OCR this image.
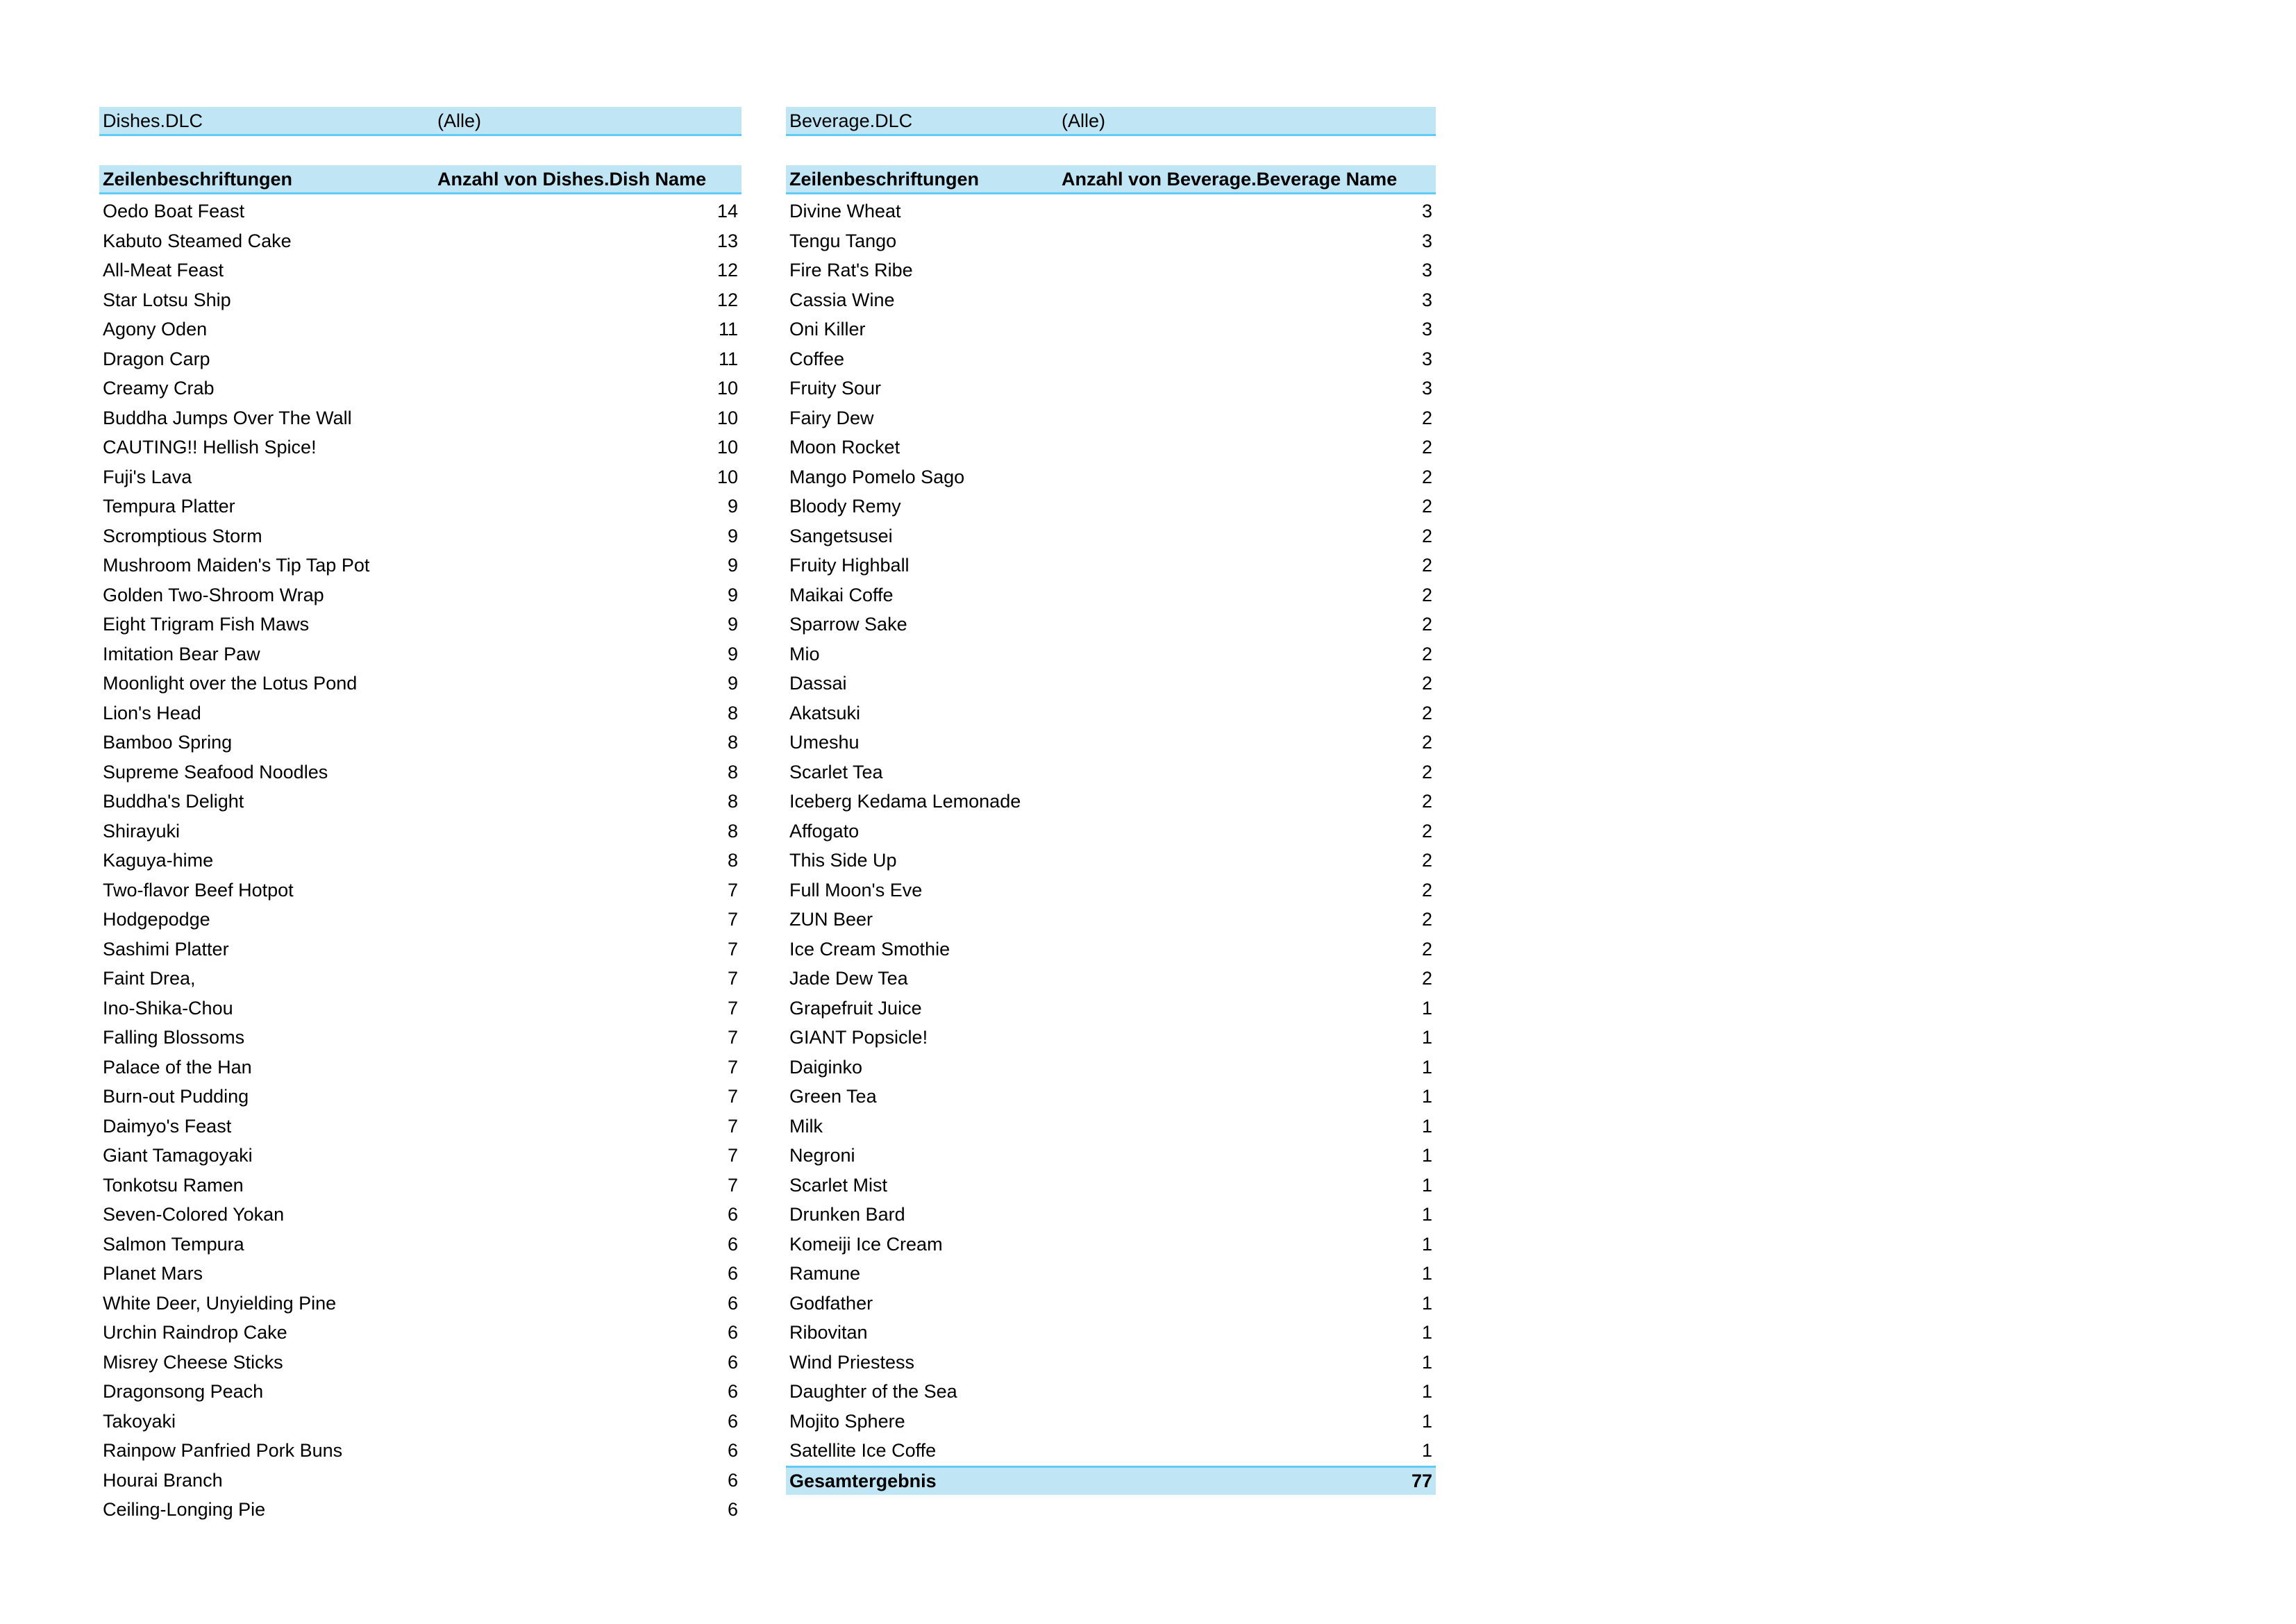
Dishes.DLC	(Alle)
Zeilenbeschriftungen	Anzahl von Dishes.Dish Name
Oedo Boat Feast	14
Kabuto Steamed Cake	13
All-Meat Feast	12
Star Lotsu Ship	12
Agony Oden	11
Dragon Carp	11
Creamy Crab	10
Buddha Jumps Over The Wall	10
CAUTING!! Hellish Spice!	10
Fuji's Lava	10
Tempura Platter	9
Scromptious Storm	9
Mushroom Maiden's Tip Tap Pot	9
Golden Two-Shroom Wrap	9
Eight Trigram Fish Maws	9
Imitation Bear Paw	9
Moonlight over the Lotus Pond	9
Lion's Head	8
Bamboo Spring	8
Supreme Seafood Noodles	8
Buddha's Delight	8
Shirayuki	8
Kaguya-hime	8
Two-flavor Beef Hotpot	7
Hodgepodge	7
Sashimi Platter	7
Faint Drea,	7
Ino-Shika-Chou	7
Falling Blossoms	7
Palace of the Han	7
Burn-out Pudding	7
Daimyo's Feast	7
Giant Tamagoyaki	7
Tonkotsu Ramen	7
Seven-Colored Yokan	6
Salmon Tempura	6
Planet Mars	6
White Deer, Unyielding Pine	6
Urchin Raindrop Cake	6
Misrey Cheese Sticks	6
Dragonsong Peach	6
Takoyaki	6
Rainpow Panfried Pork Buns	6
Hourai Branch	6
Ceiling-Longing Pie	6
Beverage.DLC	(Alle)
Zeilenbeschriftungen	Anzahl von Beverage.Beverage Name
Divine Wheat	3
Tengu Tango	3
Fire Rat's Ribe	3
Cassia Wine	3
Oni Killer	3
Coffee	3
Fruity Sour	3
Fairy Dew	2
Moon Rocket	2
Mango Pomelo Sago	2
Bloody Remy	2
Sangetsusei	2
Fruity Highball	2
Maikai Coffe	2
Sparrow Sake	2
Mio	2
Dassai	2
Akatsuki	2
Umeshu	2
Scarlet Tea	2
Iceberg Kedama Lemonade	2
Affogato	2
This Side Up	2
Full Moon's Eve	2
ZUN Beer	2
Ice Cream Smothie	2
Jade Dew Tea	2
Grapefruit Juice	1
GIANT Popsicle!	1
Daiginko	1
Green Tea	1
Milk	1
Negroni	1
Scarlet Mist	1
Drunken Bard	1
Komeiji Ice Cream	1
Ramune	1
Godfather	1
Ribovitan	1
Wind Priestess	1
Daughter of the Sea	1
Mojito Sphere	1
Satellite Ice Coffe	1
Gesamtergebnis	77
